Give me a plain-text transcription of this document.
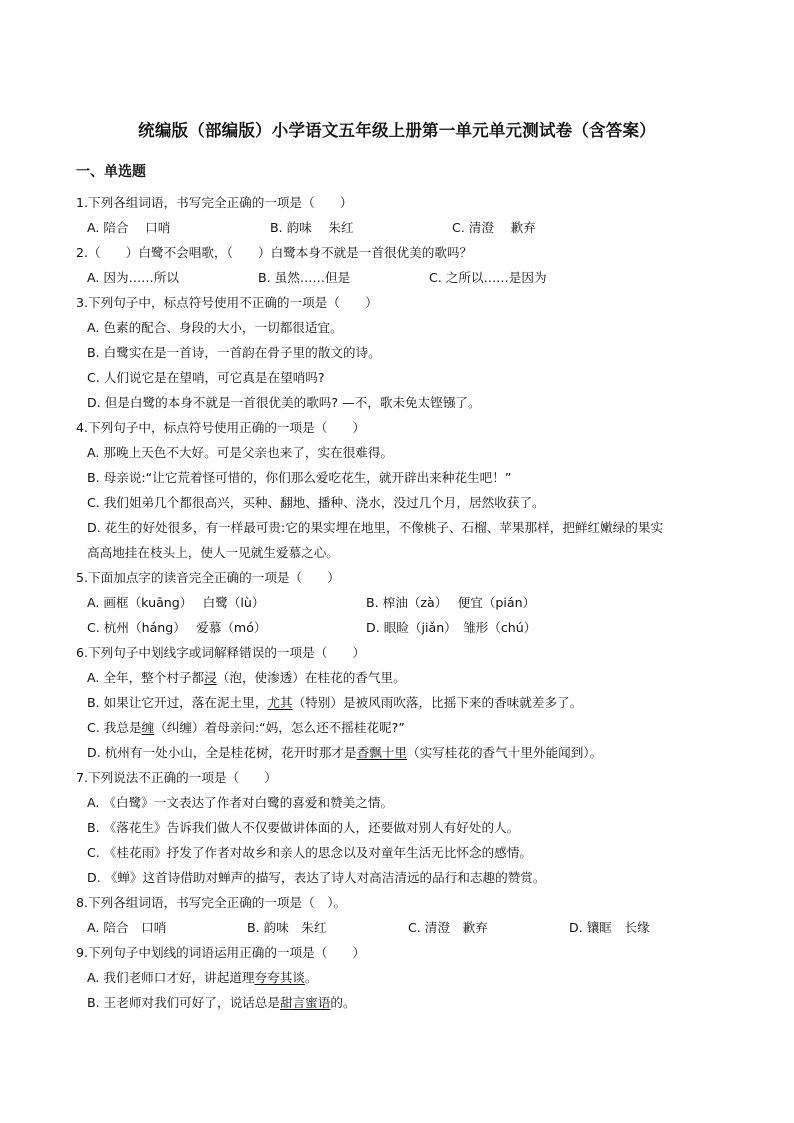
统编版（部编版）小学语文五年级上册第一单元单元测试卷（含答案）
一、单选题
1.下列各组词语，书写完全正确的一项是（　　）
A. 陪合　 口哨	B. 韵味　 朱红	C. 清澄　 歉弃
2.（　　）白鹭不会唱歌，（　　）白鹭本身不就是一首很优美的歌吗？
A. 因为……所以	B. 虽然……但是	C. 之所以……是因为
3.下列句子中，标点符号使用不正确的一项是（　　）
A. 色素的配合、身段的大小，一切都很适宜。
B. 白鹭实在是一首诗，一首韵在骨子里的散文的诗。
C. 人们说它是在望哨，可它真是在望哨吗?
D. 但是白鹭的本身不就是一首很优美的歌吗? —不，歌未免太铿镪了。
4.下列句子中，标点符号使用正确的一项是（　　）
A. 那晚上天色不大好。可是父亲也来了，实在很难得。
B. 母亲说:“让它荒着怪可惜的，你们那么爱吃花生，就开辟出来种花生吧！”
C. 我们姐弟几个都很高兴，买种、翻地、播种、浇水，没过几个月，居然收获了。
D. 花生的好处很多，有一样最可贵:它的果实埋在地里，不像桃子、石榴、苹果那样，把鲜红嫩绿的果实
高高地挂在枝头上，使人一见就生爱慕之心。
5.下面加点字的读音完全正确的一项是（　　）
A. 画框（kuāng）　 白鹭（lù）	B. 榨油（zà）　 便宜（pián）
C. 杭州（háng）　 爱慕（mó）	D. 眼睑（jiǎn）　雏形（chú）
6.下列句子中划线字或词解释错误的一项是（　　）
A. 全年，整个村子都浸（泡，使渗透）在桂花的香气里。
B. 如果让它开过，落在泥土里，尤其（特别）是被风雨吹落，比摇下来的香味就差多了。
C. 我总是缠（纠缠）着母亲问:“妈，怎么还不摇桂花呢?”
D. 杭州有一处小山，全是桂花树，花开时那才是香飘十里（实写桂花的香气十里外能闻到）。
7.下列说法不正确的一项是（　　）
A. 《白鹭》一文表达了作者对白鹭的喜爱和赞美之情。
B. 《落花生》告诉我们做人不仅要做讲体面的人，还要做对别人有好处的人。
C. 《桂花雨》抒发了作者对故乡和亲人的思念以及对童年生活无比怀念的感情。
D. 《蝉》这首诗借助对蝉声的描写，表达了诗人对高洁清远的品行和志趣的赞赏。
8.下列各组词语，书写完全正确的一项是（　）。
A. 陪合　口哨	B. 韵味　朱红	C. 清澄　歉弃	D. 镶眶　长缘
9.下列句子中划线的词语运用正确的一项是（　　）
A. 我们老师口才好，讲起道理夸夸其谈。
B. 王老师对我们可好了，说话总是甜言蜜语的。
